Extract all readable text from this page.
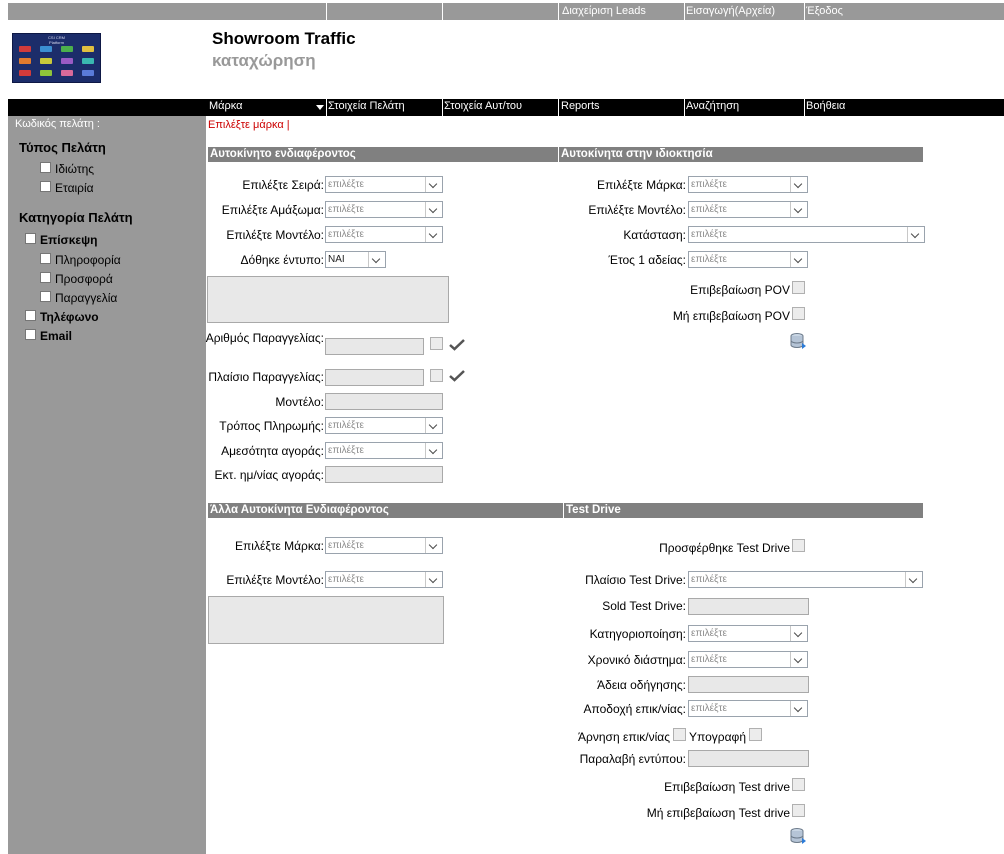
Διαχείριση Leads	Εισαγωγή(Αρχεία)	Έξοδος
CSI CRM
Platform	Showroom Traffic
καταχώρηση
Μάρκα	Στοιχεία Πελάτη	Στοιχεία Αυτ/του	Reports	Αναζήτηση	Βοήθεια
Κωδικός πελάτη :
Τύπος Πελάτη
Ιδιώτης
Εταιρία
Κατηγορία Πελάτη
Επίσκεψη
Πληροφορία
Προσφορά
Παραγγελία
Τηλέφωνο
Email
Επιλέξτε μάρκα |
Αυτοκίνητο ενδιαφέροντος
Επιλέξτε Σειρά: επιλέξτε
Επιλέξτε Αμάξωμα: επιλέξτε
Επιλέξτε Μοντέλο: επιλέξτε
Δόθηκε έντυπο: ΝΑΙ
Αριθμός Παραγγελίας:
Πλαίσιο Παραγγελίας:
Μοντέλο:
Τρόπος Πληρωμής: επιλέξτε
Αμεσότητα αγοράς: επιλέξτε
Εκτ. ημ/νίας αγοράς:
Αυτοκίνητα στην ιδιοκτησία
Επιλέξτε Μάρκα: επιλέξτε
Επιλέξτε Μοντέλο: επιλέξτε
Κατάσταση: επιλέξτε
Έτος 1 αδείας: επιλέξτε
Επιβεβαίωση POV
Μή επιβεβαίωση POV
Άλλα Αυτοκίνητα Ενδιαφέροντος
Επιλέξτε Μάρκα: επιλέξτε
Επιλέξτε Μοντέλο: επιλέξτε
Test Drive
Προσφέρθηκε Test Drive
Πλαίσιο Test Drive: επιλέξτε
Sold Test Drive:
Κατηγοριοποίηση: επιλέξτε
Χρονικό διάστημα: επιλέξτε
Άδεια οδήγησης:
Αποδοχή επικ/νίας: επιλέξτε
Άρνηση επικ/νίας Υπογραφή
Παραλαβή εντύπου:
Επιβεβαίωση Test drive
Μή επιβεβαίωση Test drive
